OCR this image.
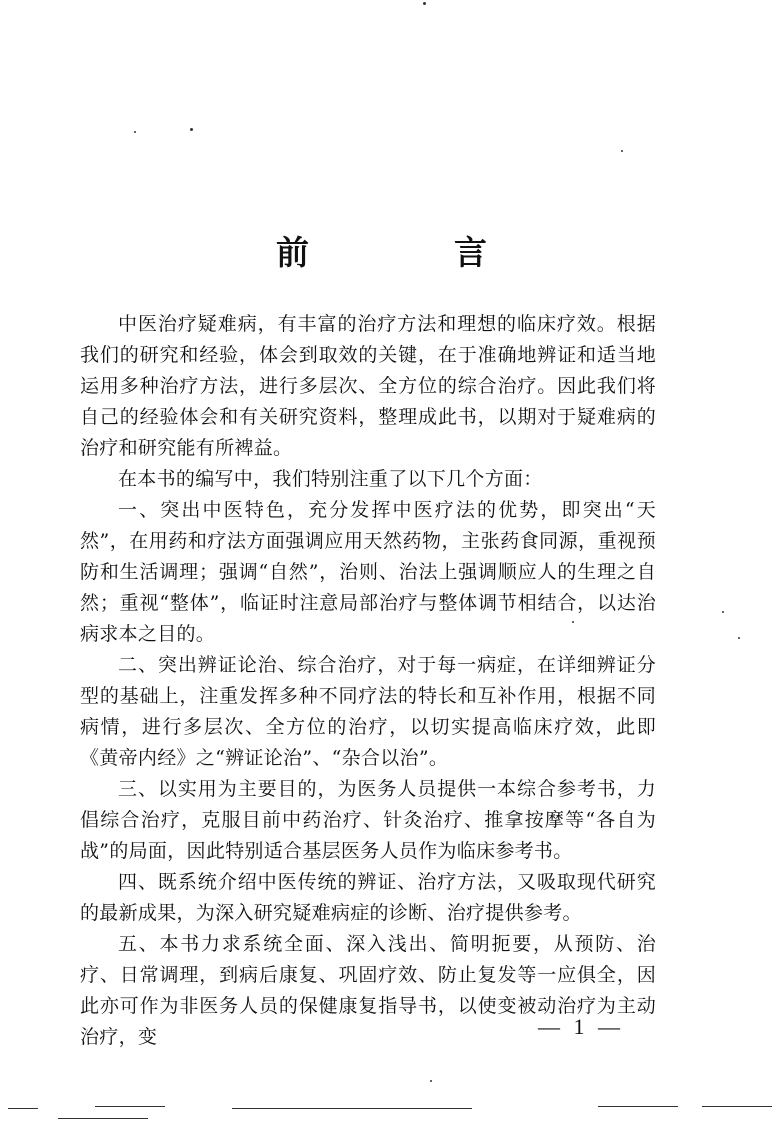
前　言

中医治疗疑难病，有丰富的治疗方法和理想的临床疗效。根据我们的研究和经验，体会到取效的关键，在于准确地辨证和适当地运用多种治疗方法，进行多层次、全方位的综合治疗。因此我们将自己的经验体会和有关研究资料，整理成此书，以期对于疑难病的治疗和研究能有所裨益。

在本书的编写中，我们特别注重了以下几个方面：

一、突出中医特色，充分发挥中医疗法的优势，即突出“天然”，在用药和疗法方面强调应用天然药物，主张药食同源，重视预防和生活调理；强调“自然”，治则、治法上强调顺应人的生理之自然；重视“整体”，临证时注意局部治疗与整体调节相结合，以达治病求本之目的。

二、突出辨证论治、综合治疗，对于每一病症，在详细辨证分型的基础上，注重发挥多种不同疗法的特长和互补作用，根据不同病情，进行多层次、全方位的治疗，以切实提高临床疗效，此即《黄帝内经》之“辨证论治”、“杂合以治”。

三、以实用为主要目的，为医务人员提供一本综合参考书，力倡综合治疗，克服目前中药治疗、针灸治疗、推拿按摩等“各自为战”的局面，因此特别适合基层医务人员作为临床参考书。

四、既系统介绍中医传统的辨证、治疗方法，又吸取现代研究的最新成果，为深入研究疑难病症的诊断、治疗提供参考。

五、本书力求系统全面、深入浅出、简明扼要，从预防、治疗、日常调理，到病后康复、巩固疗效、防止复发等一应俱全，因此亦可作为非医务人员的保健康复指导书，以使变被动治疗为主动治疗，变	— 1 —
